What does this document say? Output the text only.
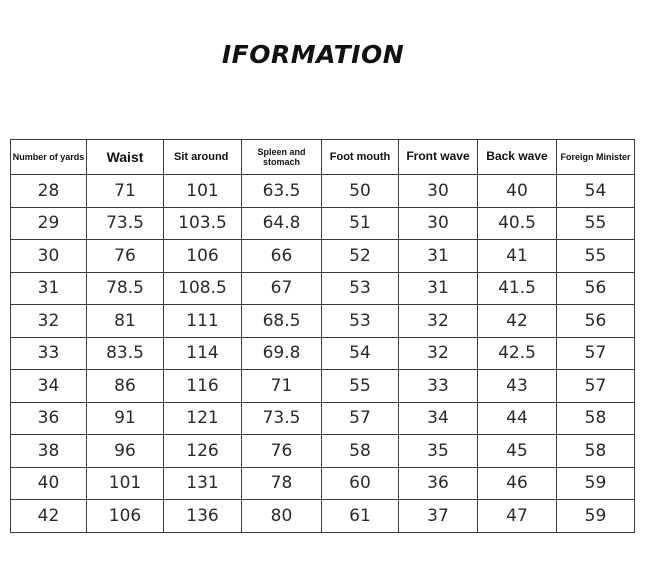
IFORMATION
Number of yards	Waist	Sit around	Spleen and stomach	Foot mouth	Front wave	Back wave	Foreign Minister
28	71	101	63.5	50	30	40	54
29	73.5	103.5	64.8	51	30	40.5	55
30	76	106	66	52	31	41	55
31	78.5	108.5	67	53	31	41.5	56
32	81	111	68.5	53	32	42	56
33	83.5	114	69.8	54	32	42.5	57
34	86	116	71	55	33	43	57
36	91	121	73.5	57	34	44	58
38	96	126	76	58	35	45	58
40	101	131	78	60	36	46	59
42	106	136	80	61	37	47	59
